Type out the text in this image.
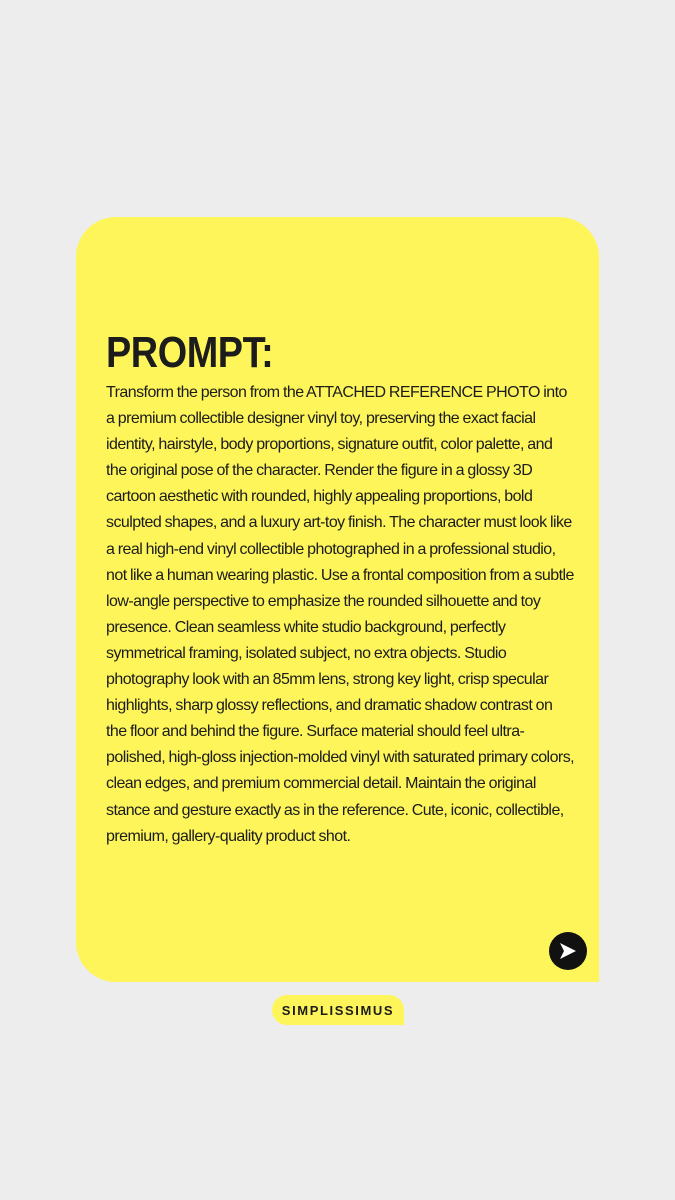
PROMPT:

Transform the person from the ATTACHED REFERENCE PHOTO into a premium collectible designer vinyl toy, preserving the exact facial identity, hairstyle, body proportions, signature outfit, color palette, and the original pose of the character. Render the figure in a glossy 3D cartoon aesthetic with rounded, highly appealing proportions, bold sculpted shapes, and a luxury art-toy finish. The character must look like a real high-end vinyl collectible photographed in a professional studio, not like a human wearing plastic. Use a frontal composition from a subtle low-angle perspective to emphasize the rounded silhouette and toy presence. Clean seamless white studio background, perfectly symmetrical framing, isolated subject, no extra objects. Studio photography look with an 85mm lens, strong key light, crisp specular highlights, sharp glossy reflections, and dramatic shadow contrast on the floor and behind the figure. Surface material should feel ultra-polished, high-gloss injection-molded vinyl with saturated primary colors, clean edges, and premium commercial detail. Maintain the original stance and gesture exactly as in the reference. Cute, iconic, collectible, premium, gallery-quality product shot.

SIMPLISSIMUS
